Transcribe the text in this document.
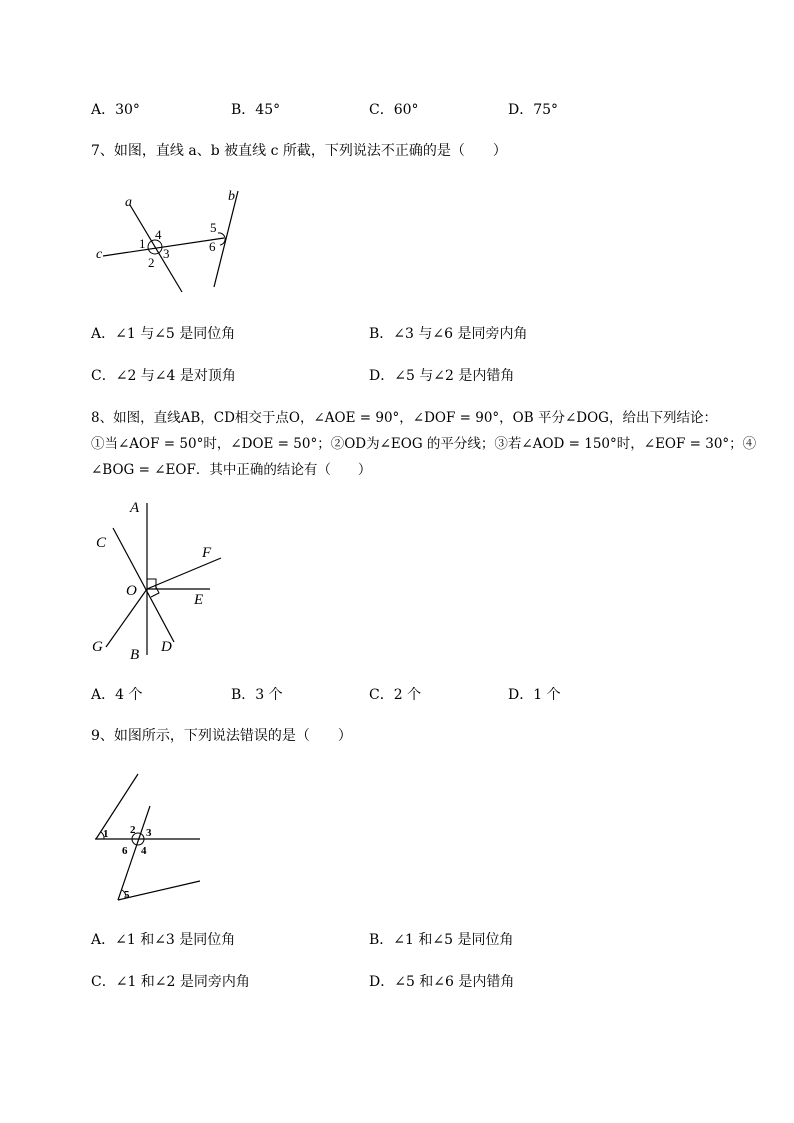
A．30°	B．45°	C．60°	D．75°
7、如图，直线 a、b 被直线 c 所截，下列说法不正确的是（　　）
a	b
c
1
4
2
3
5
6
A．∠1 与∠5 是同位角	B．∠3 与∠6 是同旁内角
C．∠2 与∠4 是对顶角	D．∠5 与∠2 是内错角
8、如图，直线AB，CD相交于点O，∠AOE = 90°，∠DOF = 90°，OB 平分∠DOG，给出下列结论：
①当∠AOF = 50°时，∠DOE = 50°；②OD为∠EOG 的平分线；③若∠AOD = 150°时，∠EOF = 30°；④
∠BOG = ∠EOF．其中正确的结论有（　　）
A
C
F
O
E
G B D
A．4 个	B．3 个	C．2 个	D．1 个
9、如图所示，下列说法错误的是（　　）
1 2 3
6 4
5
A．∠1 和∠3 是同位角	B．∠1 和∠5 是同位角
C．∠1 和∠2 是同旁内角	D．∠5 和∠6 是内错角
